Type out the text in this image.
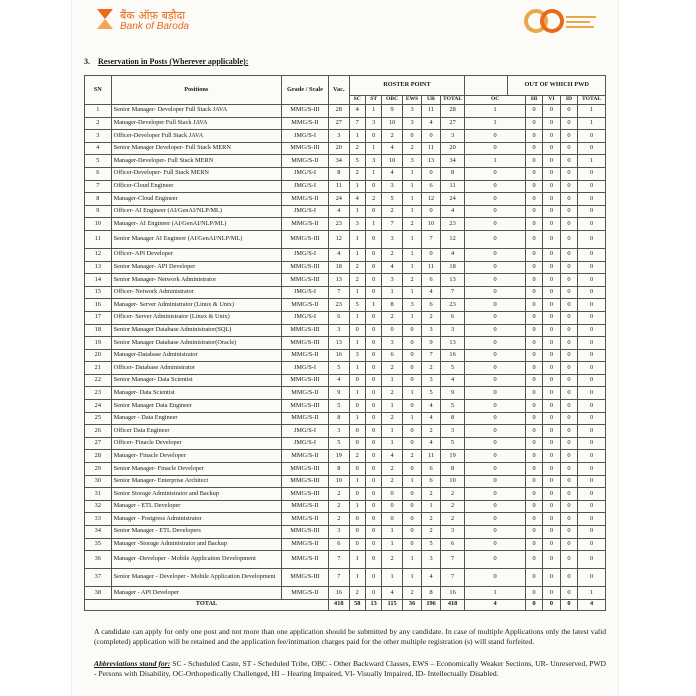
बैंक ऑफ़ बड़ौदा
Bank of Baroda
3. Reservation in Posts (Wherever applicable):
SN	Positions	Grade / Scale	Vac.	ROSTER POINT							OUT OF WHICH PWD				
				SC	ST	OBC	EWS	UR	TOTAL	OC		HI	VI	ID	TOTAL
1	Senior Manager- Developer Full Stack JAVA	MMG/S-III	28	4	1	9	3	11	28	1		0	0	0	1
2	Manager-Developer Full Stack JAVA	MMG/S-II	27	7	3	10	3	4	27	1		0	0	0	1
3	Officer-Developer Full Stack JAVA	JMG/S-I	3	1	0	2	0	0	3	0		0	0	0	0
4	Senior Manager Developer- Full Stack MERN	MMG/S-III	20	2	1	4	2	11	20	0		0	0	0	0
5	Manager-Developer- Full Stack MERN	MMG/S-II	34	5	3	10	3	13	34	1		0	0	0	1
6	Officer-Developer- Full Stack MERN	JMG/S-I	8	2	1	4	1	0	8	0		0	0	0	0
7	Officer-Cloud Engineer	JMG/S-I	11	1	0	3	1	6	11	0		0	0	0	0
8	Manager-Cloud Engineer	MMG/S-II	24	4	2	5	1	12	24	0		0	0	0	0
9	Officer- AI Engineer (AI/GenAI/NLP/ML)	JMG/S-I	4	1	0	2	1	0	4	0		0	0	0	0
10	Manager- AI Engineer (AI/GenAI/NLP/ML)	MMG/S-II	23	3	1	7	2	10	23	0		0	0	0	0
11	Senior Manager AI Engineer (AI/GenAI/NLP/ML)	MMG/S-III	12	1	0	3	1	7	12	0		0	0	0	0
12	Officer- API Developer	JMG/S-I	4	1	0	2	1	0	4	0		0	0	0	0
13	Senior Manager- API Developer	MMG/S-III	18	2	0	4	1	11	18	0		0	0	0	0
14	Senior Manager- Network Administrator	MMG/S-III	13	2	0	3	2	6	13	0		0	0	0	0
15	Officer- Network Administrator	JMG/S-I	7	1	0	1	1	4	7	0		0	0	0	0
16	Manager- Server Administrator (Linux & Unix)	MMG/S-II	23	5	1	8	3	6	23	0		0	0	0	0
17	Officer- Server Administrator (Linux & Unix)	JMG/S-I	6	1	0	2	1	2	6	0		0	0	0	0
18	Senior Manager Database Administrator(SQL)	MMG/S-III	3	0	0	0	0	3	3	0		0	0	0	0
19	Senior Manager Database Administrator(Oracle)	MMG/S-III	13	1	0	3	0	9	13	0		0	0	0	0
20	Manager-Database Administrator	MMG/S-II	16	3	0	6	0	7	16	0		0	0	0	0
21	Officer- Database Administrator	JMG/S-I	5	1	0	2	0	2	5	0		0	0	0	0
22	Senior Manager- Data Scientist	MMG/S-III	4	0	0	1	0	3	4	0		0	0	0	0
23	Manager- Data Scientist	MMG/S-II	9	1	0	2	1	5	9	0		0	0	0	0
24	Senior Manager Data Engineer	MMG/S-III	5	0	0	1	0	4	5	0		0	0	0	0
25	Manager - Data Engineer	MMG/S-II	8	1	0	2	1	4	8	0		0	0	0	0
26	Officer Data Engineer	JMG/S-I	3	0	0	1	0	2	3	0		0	0	0	0
27	Officer- Finacle Developer	JMG/S-I	5	0	0	1	0	4	5	0		0	0	0	0
28	Manager- Finacle Developer	MMG/S-II	19	2	0	4	2	11	19	0		0	0	0	0
29	Senior Manager- Finacle Developer	MMG/S-III	8	0	0	2	0	6	8	0		0	0	0	0
30	Senior Manager- Enterprise Architect	MMG/S-III	10	1	0	2	1	6	10	0		0	0	0	0
31	Senior Storage Administrator and Backup	MMG/S-III	2	0	0	0	0	2	2	0		0	0	0	0
32	Manager - ETL Developer	MMG/S-II	2	1	0	0	0	1	2	0		0	0	0	0
33	Manager - Postgress Administrator	MMG/S-II	2	0	0	0	0	2	2	0		0	0	0	0
34	Senior Manager - ETL Developers	MMG/S-III	3	0	0	1	0	2	3	0		0	0	0	0
35	Manager -Storage Administrator and Backup	MMG/S-II	6	0	0	1	0	5	6	0		0	0	0	0
36	Manager -Developer - Mobile Application Development	MMG/S-II	7	1	0	2	1	3	7	0		0	0	0	0
37	Senior Manager - Developer - Mobile Application Development	MMG/S-III	7	1	0	1	1	4	7	0		0	0	0	0
38	Manager - API Developer	MMG/S-II	16	2	0	4	2	8	16	1		0	0	0	1
TOTAL			418	58	13	115	36	196	418	4		0	0	0	4
A candidate can apply for only one post and not more than one application should be submitted by any candidate. In case of multiple Applications only the latest valid (completed) application will be retained and the application fee/intimation charges paid for the other multiple registration (s) will stand forfeited.
Abbreviations stand for: SC - Scheduled Caste, ST - Scheduled Tribe, OBC - Other Backward Classes, EWS – Economically Weaker Sections, UR- Unreserved, PWD - Persons with Disability, OC-Orthopedically Challenged, HI – Hearing Impaired, VI- Visually Impaired, ID- Intellectually Disabled.
